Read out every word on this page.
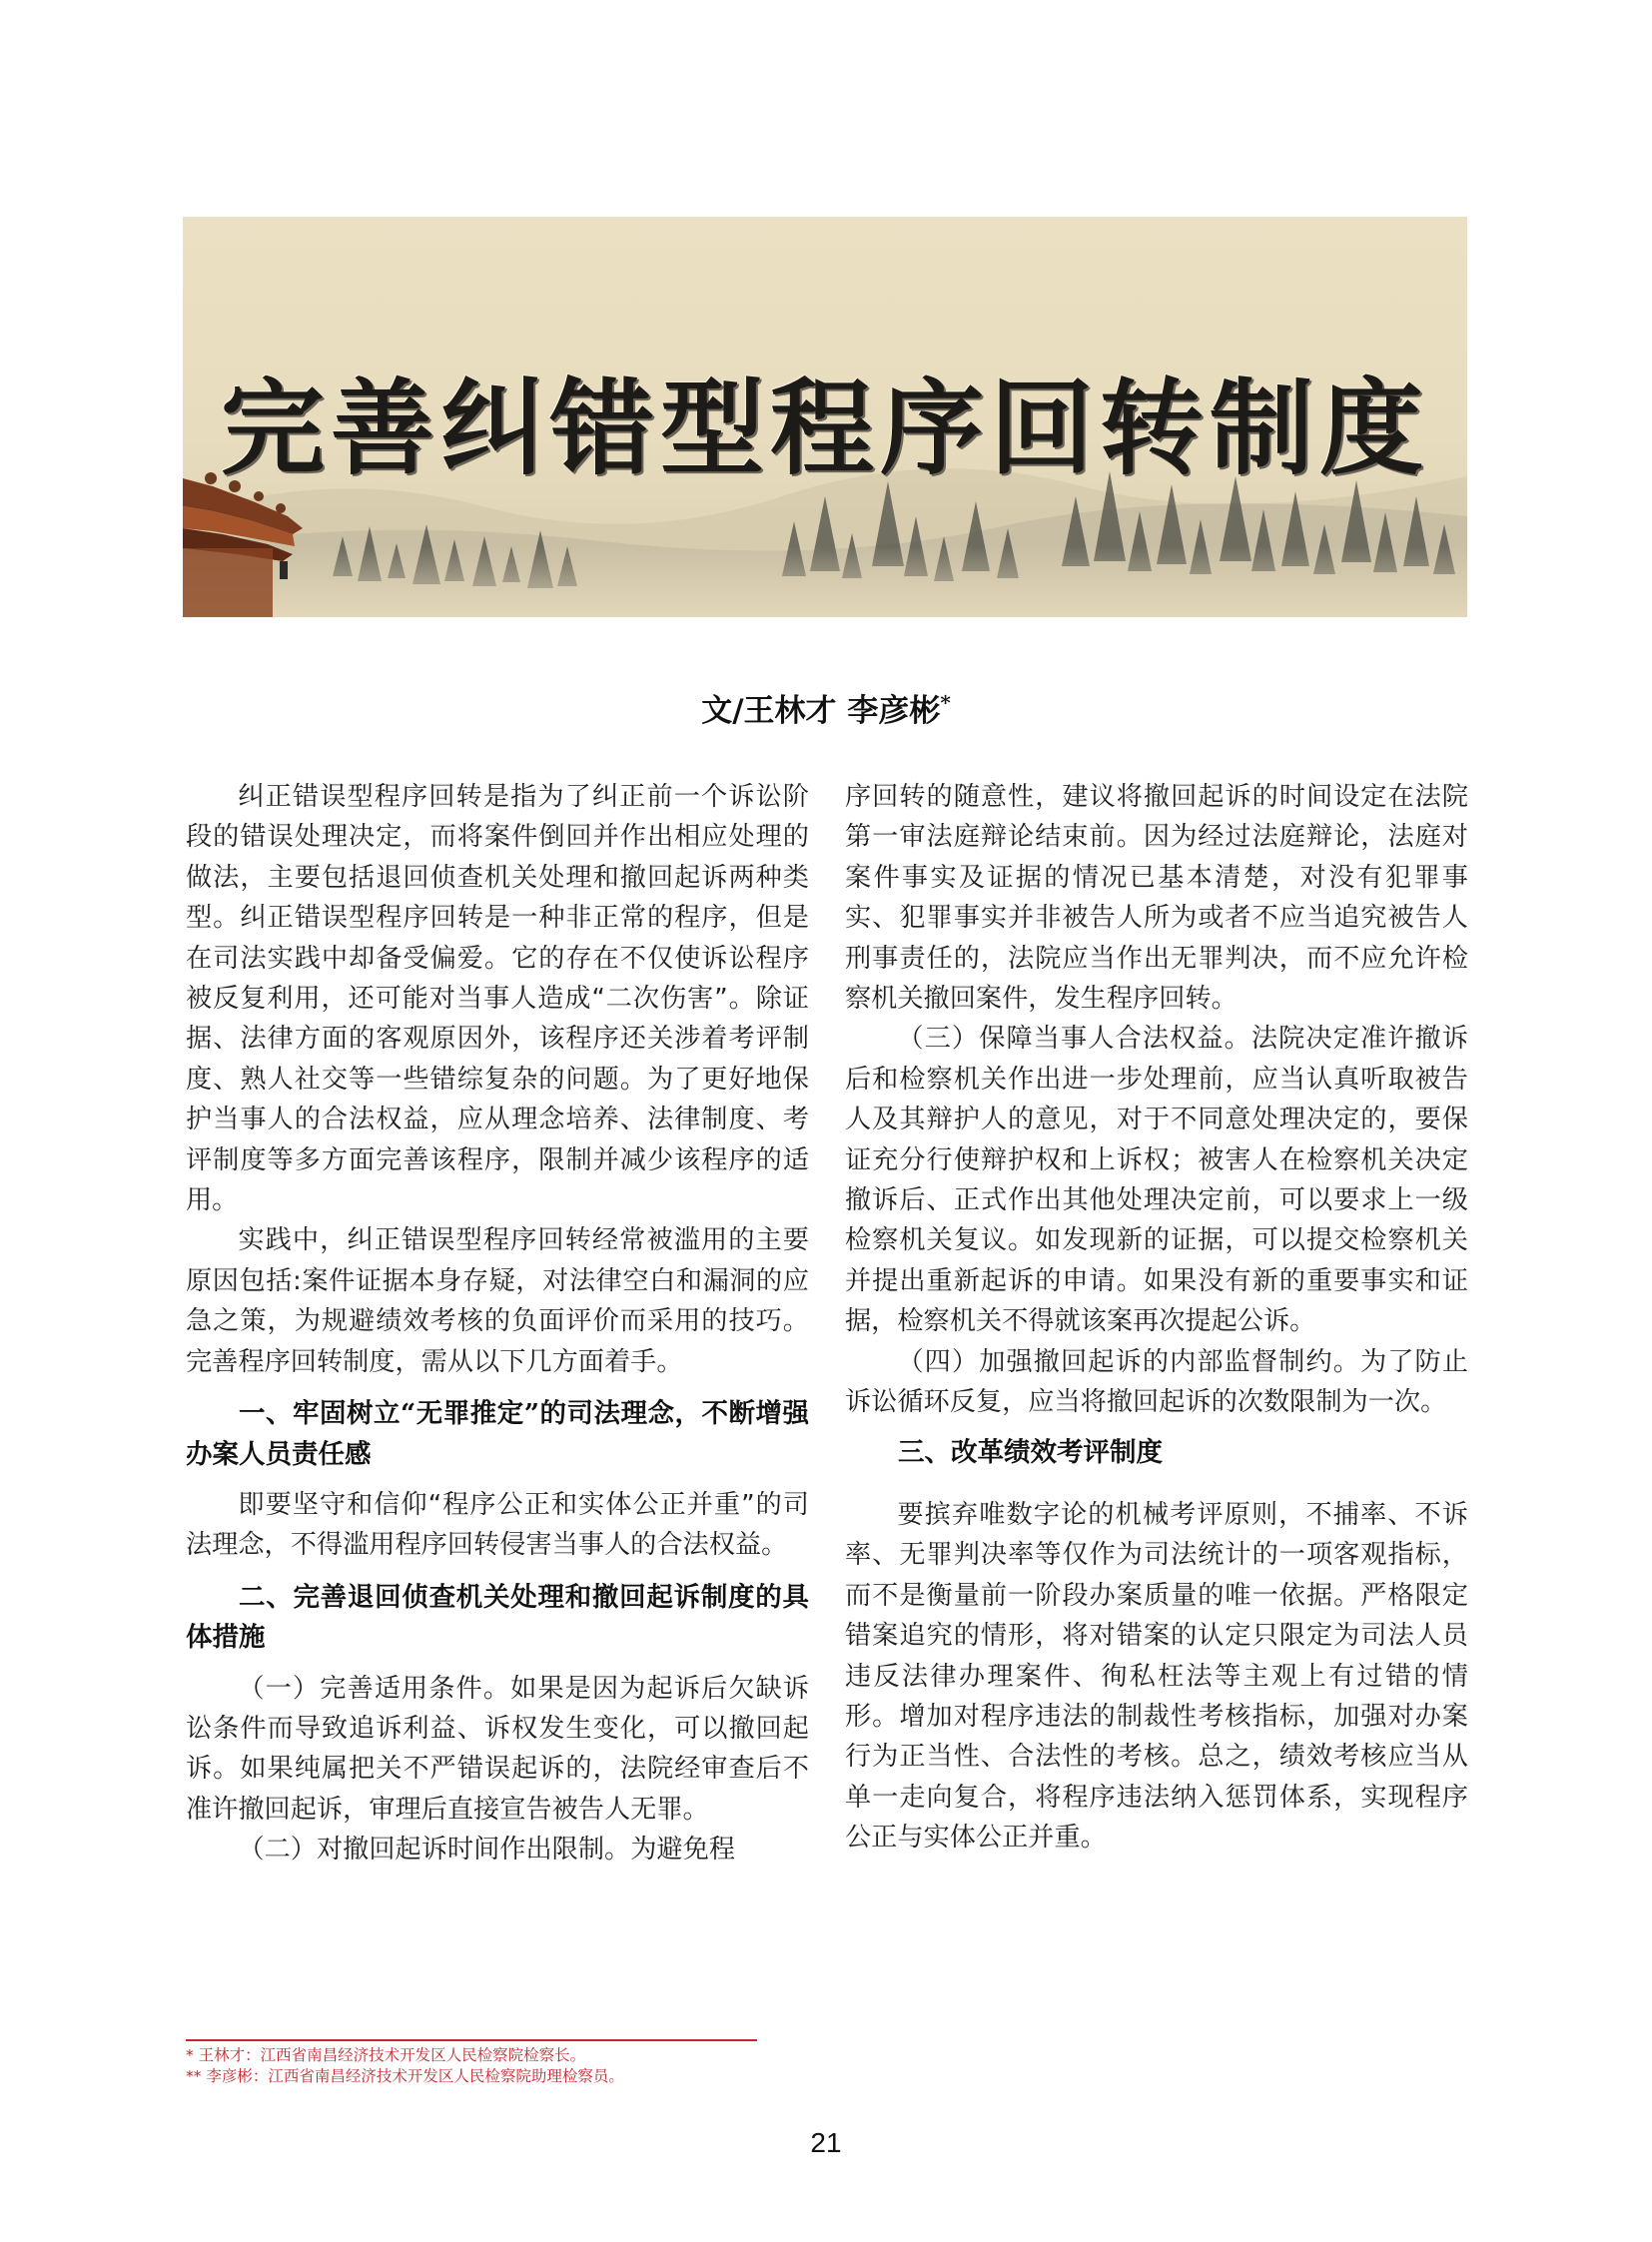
完善纠错型程序回转制度
文/王林才 李彦彬*

纠正错误型程序回转是指为了纠正前一个诉讼阶段的错误处理决定，而将案件倒回并作出相应处理的做法，主要包括退回侦查机关处理和撤回起诉两种类型。纠正错误型程序回转是一种非正常的程序，但是在司法实践中却备受偏爱。它的存在不仅使诉讼程序被反复利用，还可能对当事人造成“二次伤害”。除证据、法律方面的客观原因外，该程序还关涉着考评制度、熟人社交等一些错综复杂的问题。为了更好地保护当事人的合法权益，应从理念培养、法律制度、考评制度等多方面完善该程序，限制并减少该程序的适用。

实践中，纠正错误型程序回转经常被滥用的主要原因包括:案件证据本身存疑，对法律空白和漏洞的应急之策，为规避绩效考核的负面评价而采用的技巧。完善程序回转制度，需从以下几方面着手。

一、牢固树立“无罪推定”的司法理念，不断增强办案人员责任感

即要坚守和信仰“程序公正和实体公正并重”的司法理念，不得滥用程序回转侵害当事人的合法权益。

二、完善退回侦查机关处理和撤回起诉制度的具体措施

（一）完善适用条件。如果是因为起诉后欠缺诉讼条件而导致追诉利益、诉权发生变化，可以撤回起诉。如果纯属把关不严错误起诉的，法院经审查后不准许撤回起诉，审理后直接宣告被告人无罪。

（二）对撤回起诉时间作出限制。为避免程

序回转的随意性，建议将撤回起诉的时间设定在法院第一审法庭辩论结束前。因为经过法庭辩论，法庭对案件事实及证据的情况已基本清楚，对没有犯罪事实、犯罪事实并非被告人所为或者不应当追究被告人刑事责任的，法院应当作出无罪判决，而不应允许检察机关撤回案件，发生程序回转。

（三）保障当事人合法权益。法院决定准许撤诉后和检察机关作出进一步处理前，应当认真听取被告人及其辩护人的意见，对于不同意处理决定的，要保证充分行使辩护权和上诉权；被害人在检察机关决定撤诉后、正式作出其他处理决定前，可以要求上一级检察机关复议。如发现新的证据，可以提交检察机关并提出重新起诉的申请。如果没有新的重要事实和证据，检察机关不得就该案再次提起公诉。

（四）加强撤回起诉的内部监督制约。为了防止诉讼循环反复，应当将撤回起诉的次数限制为一次。

三、改革绩效考评制度

要摈弃唯数字论的机械考评原则，不捕率、不诉率、无罪判决率等仅作为司法统计的一项客观指标，而不是衡量前一阶段办案质量的唯一依据。严格限定错案追究的情形，将对错案的认定只限定为司法人员违反法律办理案件、徇私枉法等主观上有过错的情形。增加对程序违法的制裁性考核指标，加强对办案行为正当性、合法性的考核。总之，绩效考核应当从单一走向复合，将程序违法纳入惩罚体系，实现程序公正与实体公正并重。

* 王林才：江西省南昌经济技术开发区人民检察院检察长。
** 李彦彬：江西省南昌经济技术开发区人民检察院助理检察员。
21
